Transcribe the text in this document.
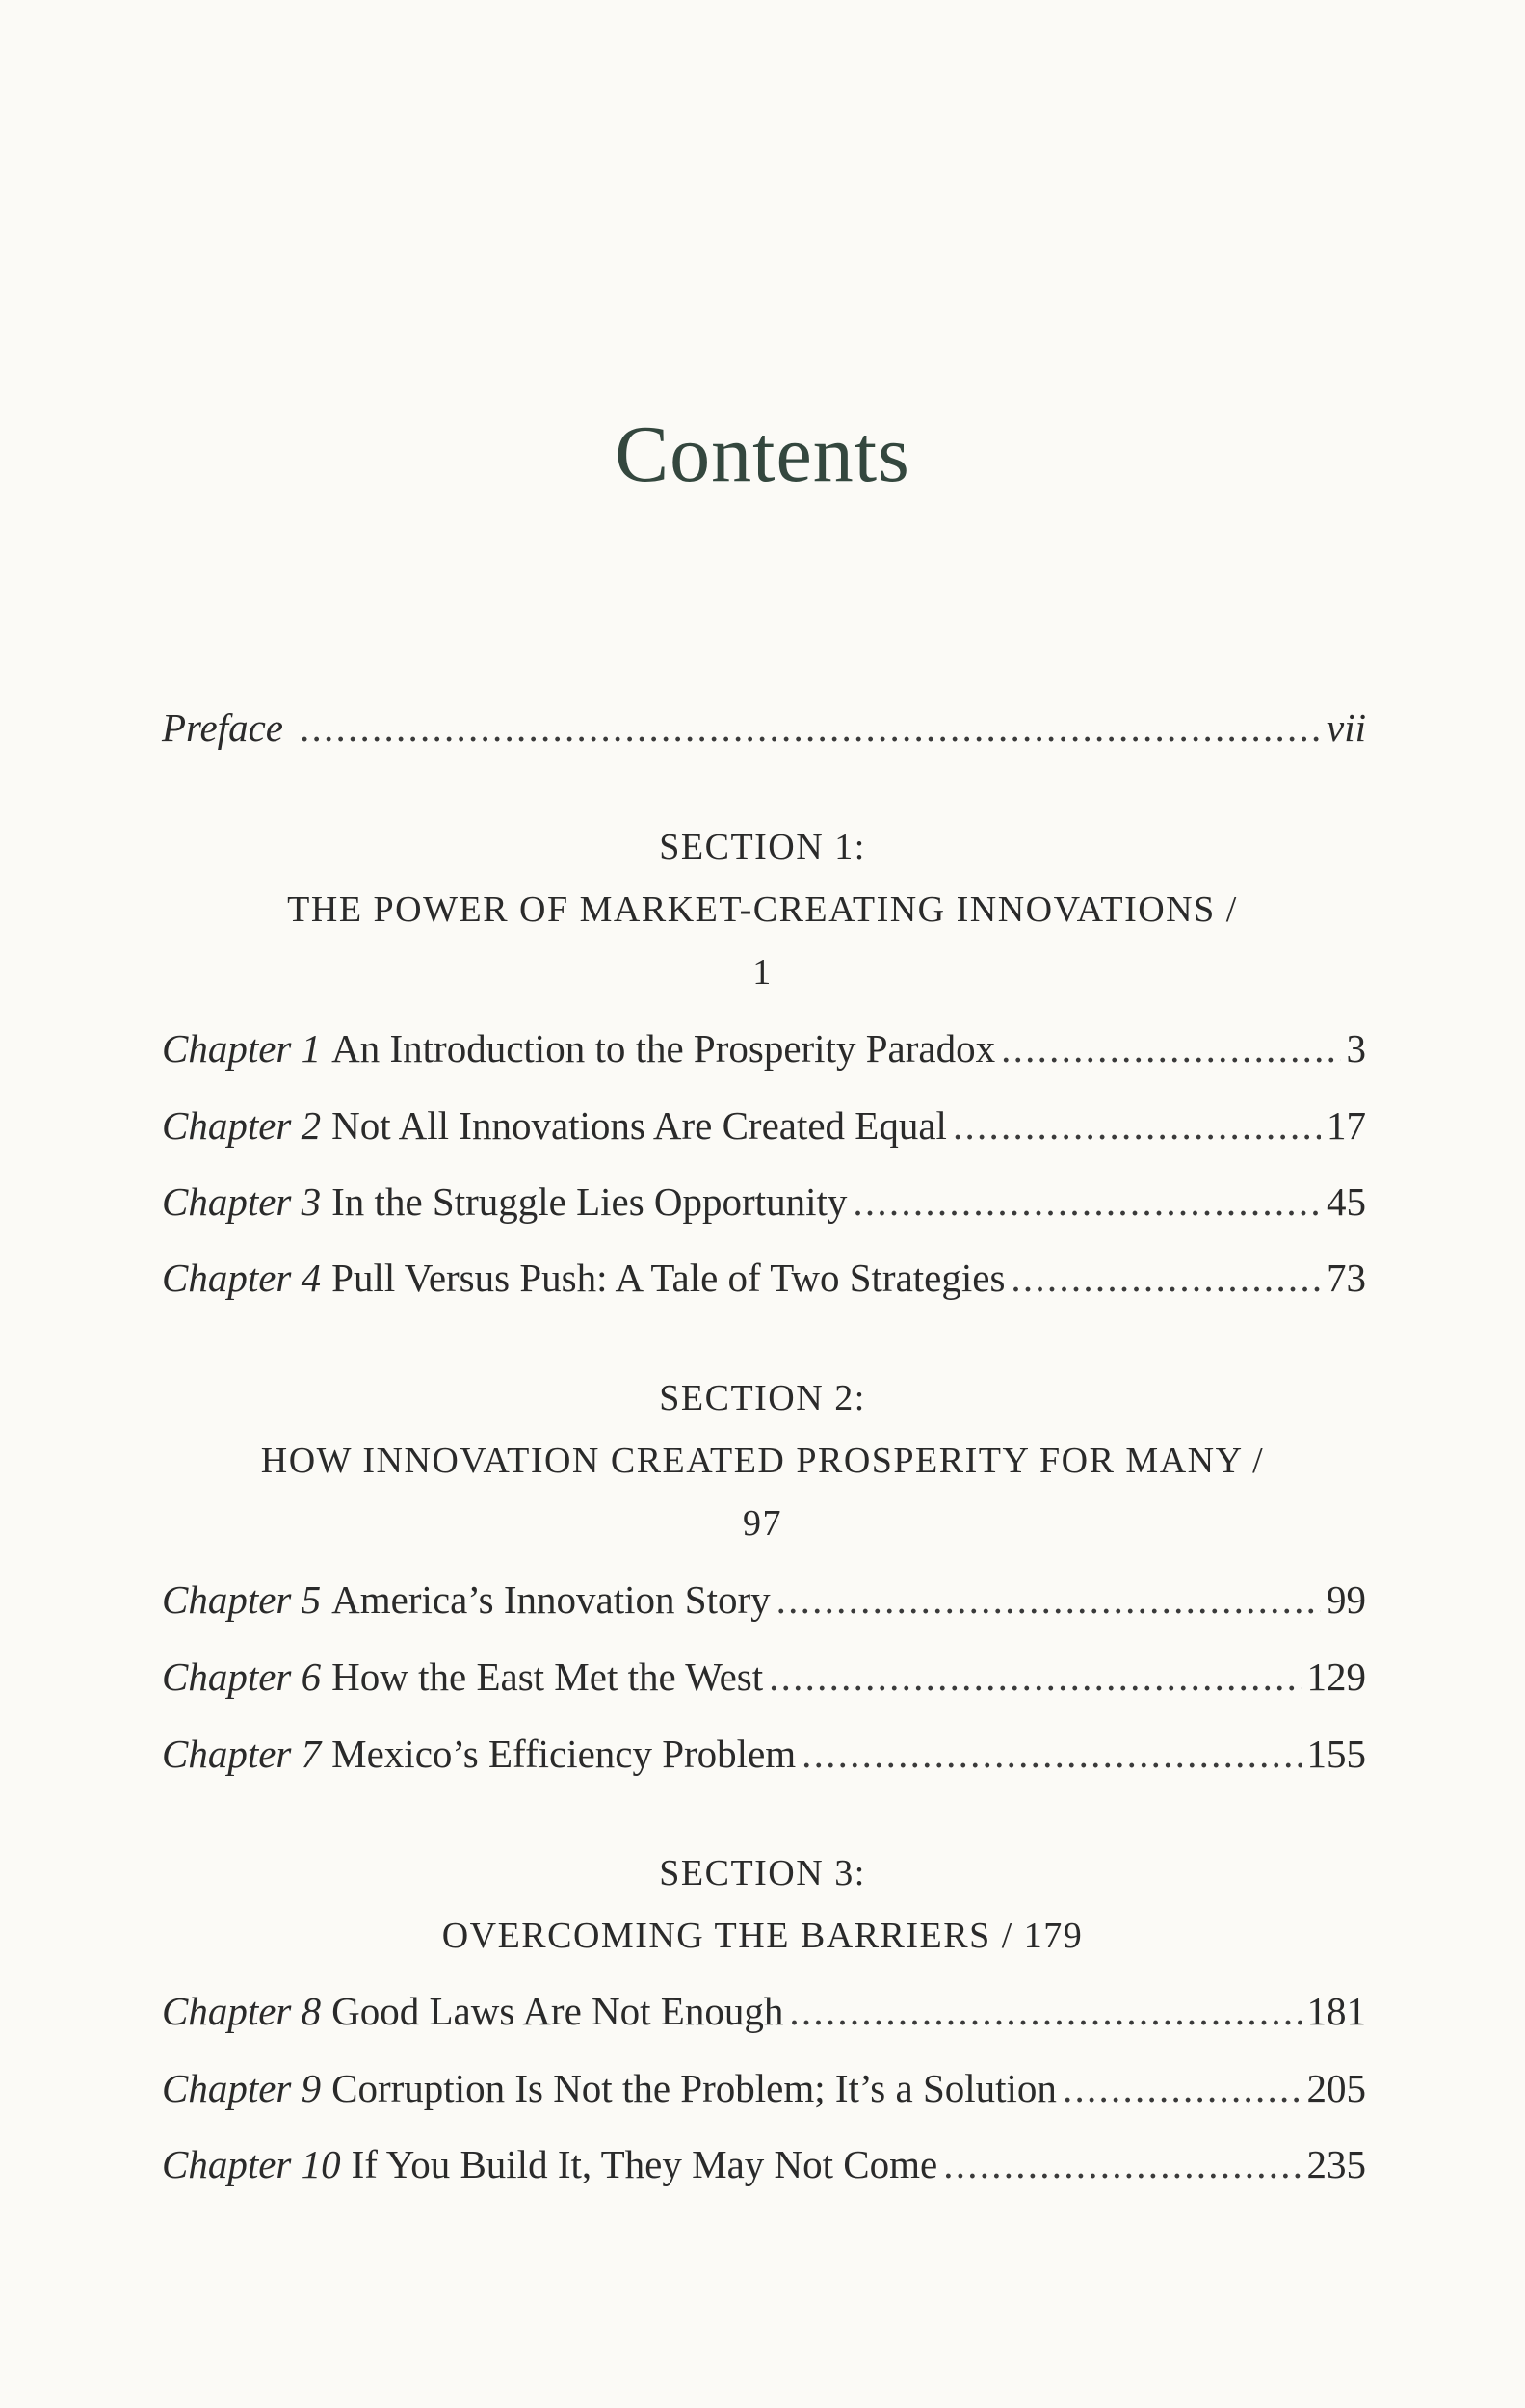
Contents
Preface . . .	vii
SECTION 1:
THE POWER OF MARKET-CREATING INNOVATIONS /
1
Chapter 1 An Introduction to the Prosperity Paradox . . .	3
Chapter 2 Not All Innovations Are Created Equal . . .	17
Chapter 3 In the Struggle Lies Opportunity . . .	45
Chapter 4 Pull Versus Push: A Tale of Two Strategies . . .	73
SECTION 2:
HOW INNOVATION CREATED PROSPERITY FOR MANY /
97
Chapter 5 America’s Innovation Story . . .	99
Chapter 6 How the East Met the West . . .	129
Chapter 7 Mexico’s Efficiency Problem . . .	155
SECTION 3:
OVERCOMING THE BARRIERS / 179
Chapter 8 Good Laws Are Not Enough . . .	181
Chapter 9 Corruption Is Not the Problem; It’s a Solution . . .	205
Chapter 10 If You Build It, They May Not Come . . .	235
